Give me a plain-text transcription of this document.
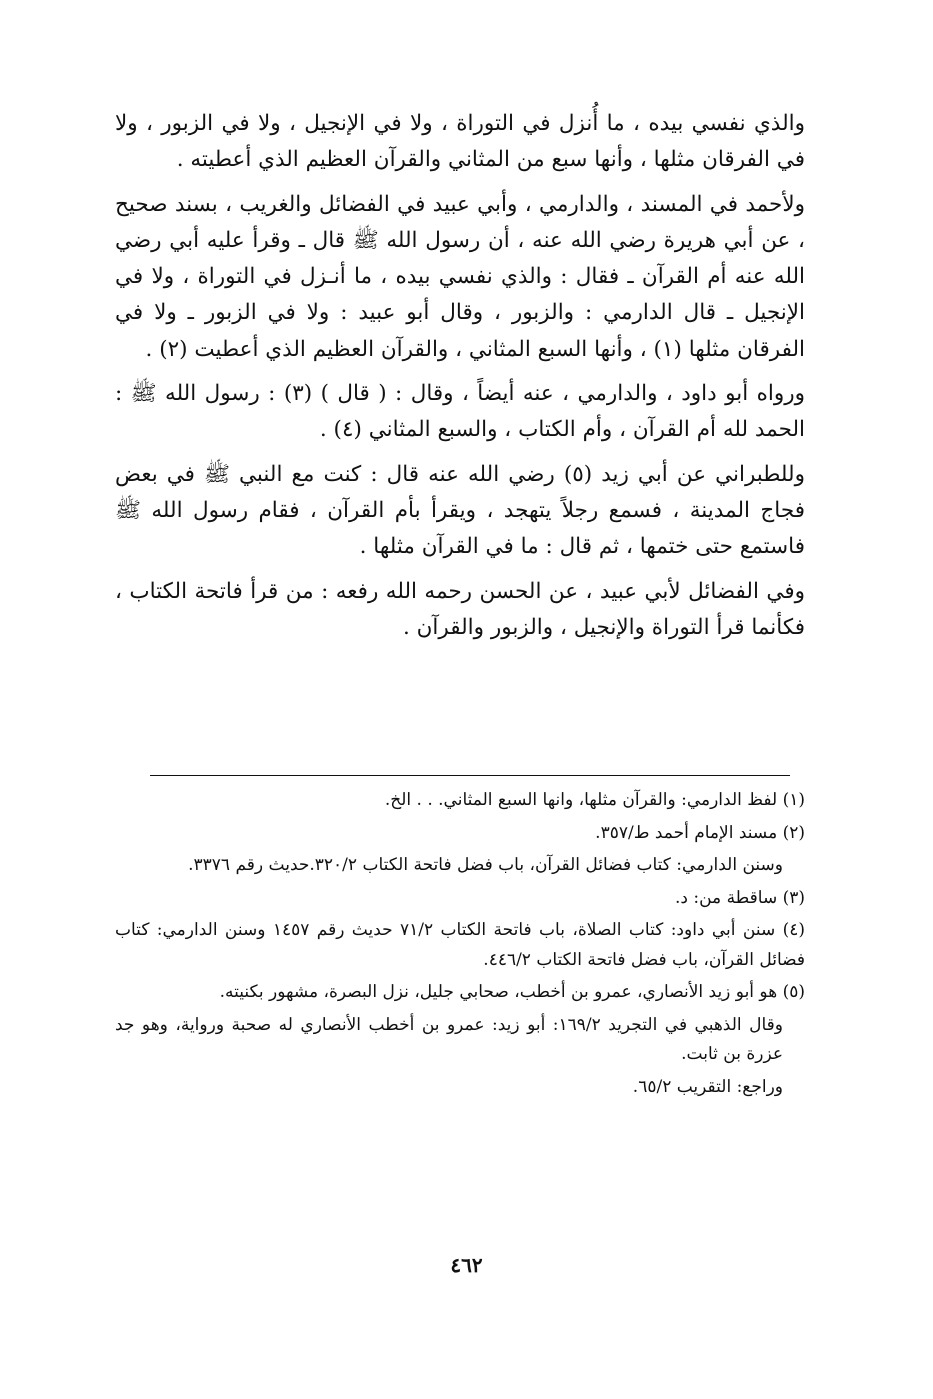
والذي نفسي بيده ، ما أُنزل في التوراة ، ولا في الإنجيل ، ولا في الزبور ، ولا في الفرقان مثلها ، وأنها سبع من المثاني والقرآن العظيم الذي أعطيته .

ولأحمد في المسند ، والدارمي ، وأبي عبيد في الفضائل والغريب ، بسند صحيح ، عن أبي هريرة رضي الله عنه ، أن رسول الله ﷺ قال ـ وقرأ عليه أبي رضي الله عنه أم القرآن ـ فقال : والذي نفسي بيده ، ما أنـزل في التوراة ، ولا في الإنجيل ـ قال الدارمي : والزبور ، وقال أبو عبيد : ولا في الزبور ـ ولا في الفرقان مثلها (١) ، وأنها السبع المثاني ، والقرآن العظيم الذي أعطيت (٢) .

ورواه أبو داود ، والدارمي ، عنه أيضاً ، وقال : ( قال ) (٣) : رسول الله ﷺ : الحمد لله أم القرآن ، وأم الكتاب ، والسبع المثاني (٤) .

وللطبراني عن أبي زيد (٥) رضي الله عنه قال : كنت مع النبي ﷺ في بعض فجاج المدينة ، فسمع رجلاً يتهجد ، ويقرأ بأم القرآن ، فقام رسول الله ﷺ فاستمع حتى ختمها ، ثم قال : ما في القرآن مثلها .

وفي الفضائل لأبي عبيد ، عن الحسن رحمه الله رفعه : من قرأ فاتحة الكتاب ، فكأنما قرأ التوراة والإنجيل ، والزبور والقرآن .

(١) لفظ الدارمي: والقرآن مثلها، وانها السبع المثاني. . . الخ.

(٢) مسند الإمام أحمد ط/٣٥٧.

وسنن الدارمي: كتاب فضائل القرآن، باب فضل فاتحة الكتاب ٣٢٠/٢.حديث رقم ٣٣٧٦.

(٣) ساقطة من: د.

(٤) سنن أبي داود: كتاب الصلاة، باب فاتحة الكتاب ٧١/٢ حديث رقم ١٤٥٧ وسنن الدارمي: كتاب فضائل القرآن، باب فضل فاتحة الكتاب ٤٤٦/٢.

(٥) هو أبو زيد الأنصاري، عمرو بن أخطب، صحابي جليل، نزل البصرة، مشهور بكنيته.

وقال الذهبي في التجريد ١٦٩/٢: أبو زيد: عمرو بن أخطب الأنصاري له صحبة ورواية، وهو جد عزرة بن ثابت.

وراجع: التقريب ٦٥/٢.

٤٦٢
